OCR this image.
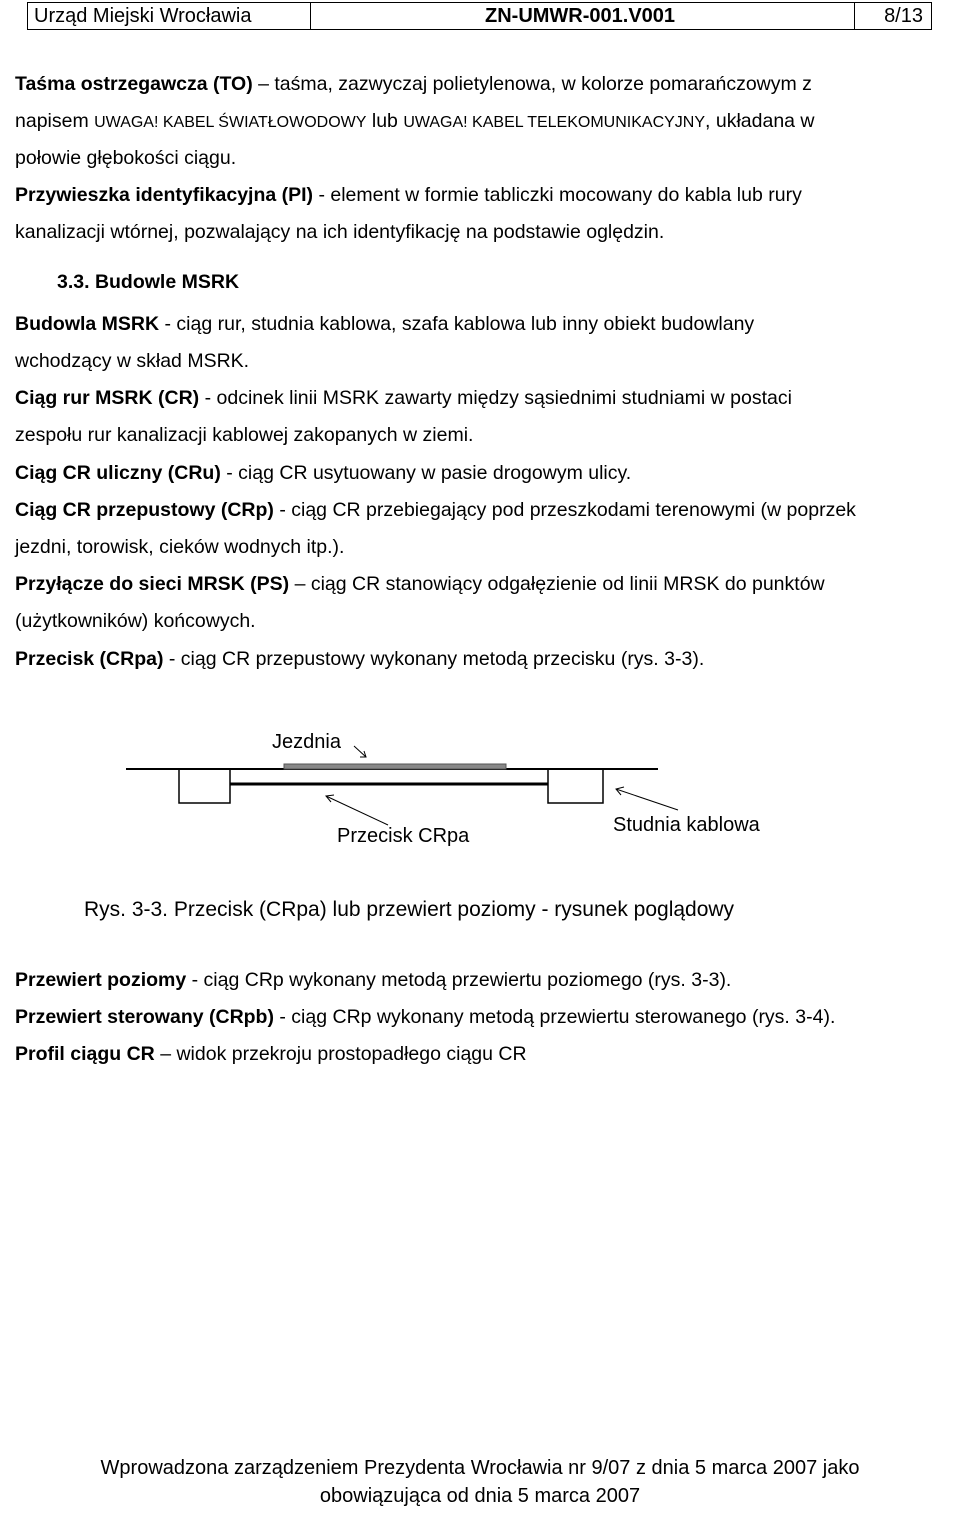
Urząd Miejski Wrocławia	ZN-UMWR-001.V001	8/13
Taśma ostrzegawcza (TO) – taśma, zazwyczaj polietylenowa, w kolorze pomarańczowym z
napisem UWAGA! KABEL ŚWIATŁOWODOWY lub UWAGA! KABEL TELEKOMUNIKACYJNY, układana w
połowie głębokości ciągu.
Przywieszka identyfikacyjna (PI) - element w formie tabliczki mocowany do kabla lub rury
kanalizacji wtórnej, pozwalający na ich identyfikację na podstawie oględzin.
3.3. Budowle MSRK
Budowla MSRK - ciąg rur, studnia kablowa, szafa kablowa lub inny obiekt budowlany
wchodzący w skład MSRK.
Ciąg rur MSRK (CR) - odcinek linii MSRK zawarty między sąsiednimi studniami w postaci
zespołu rur kanalizacji kablowej zakopanych w ziemi.
Ciąg CR uliczny (CRu) - ciąg CR usytuowany w pasie drogowym ulicy.
Ciąg CR przepustowy (CRp) - ciąg CR przebiegający pod przeszkodami terenowymi (w poprzek
jezdni, torowisk, cieków wodnych itp.).
Przyłącze do sieci MRSK (PS) – ciąg CR stanowiący odgałęzienie od linii MRSK do punktów
(użytkowników) końcowych.
Przecisk (CRpa) - ciąg CR przepustowy wykonany metodą przecisku (rys. 3-3).
Jezdnia
Przecisk CRpa	Studnia kablowa
Rys. 3-3. Przecisk (CRpa) lub przewiert poziomy - rysunek poglądowy
Przewiert poziomy - ciąg CRp wykonany metodą przewiertu poziomego (rys. 3-3).
Przewiert sterowany (CRpb) - ciąg CRp wykonany metodą przewiertu sterowanego (rys. 3-4).
Profil ciągu CR – widok przekroju prostopadłego ciągu CR
Wprowadzona zarządzeniem Prezydenta Wrocławia nr 9/07 z dnia 5 marca 2007 jako
obowiązująca od dnia 5 marca 2007
